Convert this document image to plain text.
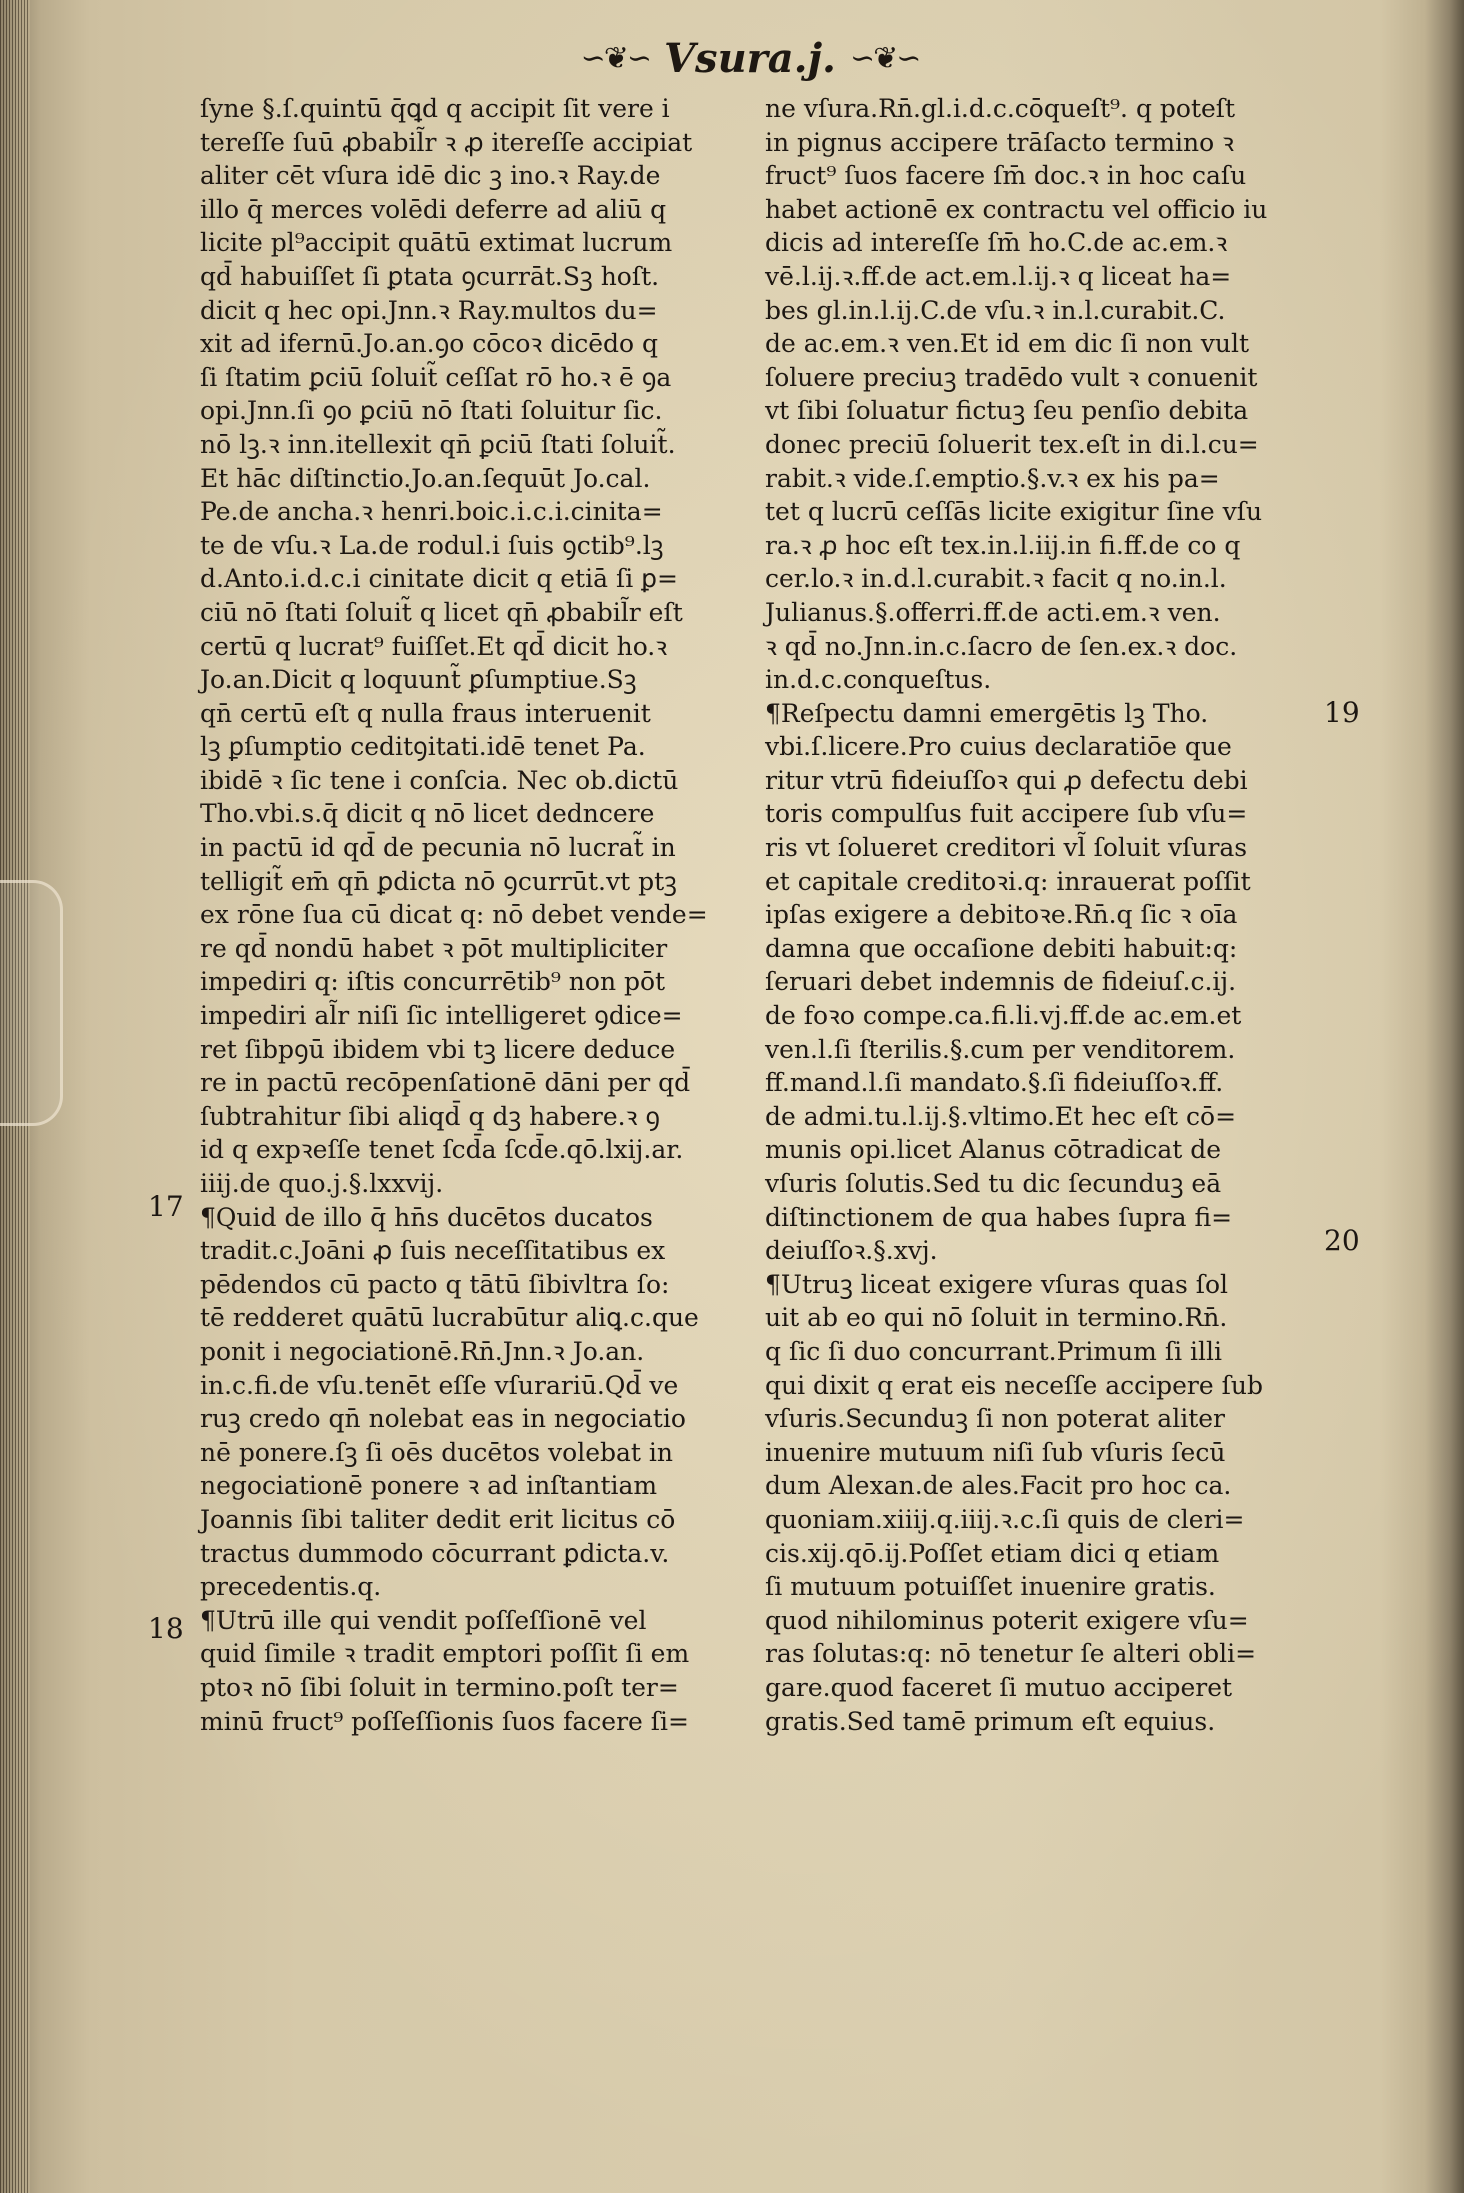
∽❦∽ Vsura.j. ∽❦∽
ſyne §.ſ.quintū q̄ꝗd q accipit ſit vere i
tereſſe ſuū ꝓbabil̃r ꝛ ꝓ itereſſe accipiat
aliter cēt vſura idē dic ꝫ ino.ꝛ Ray.de
illo q̄ merces volēdi deferre ad aliū q
licite pl⁹accipit quātū extimat lucrum
qd̄ habuiſſet ſi ꝑtata ꝯcurrāt.Sꝫ hoſt.
dicit q hec opi.Jnn.ꝛ Ray.multos du=
xit ad ifernū.Jo.an.ꝯo cōcoꝛ dicēdo q
ſi ſtatim ꝑciū ſoluit̃ ceſſat rō ho.ꝛ ē ꝯa
opi.Jnn.ſi ꝯo ꝑciū nō ſtati ſoluitur ſic.
nō lꝫ.ꝛ inn.itellexit qn̄ ꝑciū ſtati ſoluit̃.
Et hāc diſtinctio.Jo.an.ſequūt Jo.cal.
Pe.de ancha.ꝛ henri.boic.i.c.i.cinita=
te de vſu.ꝛ La.de rodul.i ſuis ꝯctib⁹.lꝫ
d.Anto.i.d.c.i cinitate dicit q etiā ſi ꝑ=
ciū nō ſtati ſoluit̃ q licet qn̄ ꝓbabil̃r eſt
certū q lucrat⁹ fuiſſet.Et qd̄ dicit ho.ꝛ
Jo.an.Dicit q loquunt̃ ꝑſumptiue.Sꝫ
qn̄ certū eſt q nulla fraus interuenit
lꝫ ꝑſumptio ceditꝯitati.idē tenet Pa.
ibidē ꝛ ſic tene i conſcia. Nec ob.dictū
Tho.vbi.s.q̄ dicit q nō licet dedncere
in pactū id qd̄ de pecunia nō lucrat̃ in
telligit̃ em̄ qn̄ ꝑdicta nō ꝯcurrūt.vt ptꝫ
ex rōne ſua cū dicat q: nō debet vende=
re qd̄ nondū habet ꝛ pōt multipliciter
impediri q: iſtis concurrētib⁹ non pōt
impediri al̃r niſi ſic intelligeret ꝯdice=
ret ſibpꝯū ibidem vbi tꝫ licere deduce
re in pactū recōpenſationē dāni per qd̄
ſubtrahitur ſibi aliqd̄ q dꝫ habere.ꝛ ꝯ
id q expꝛeſſe tenet ſcd̄a ſcd̄e.qō.lxij.ar.
iiij.de quo.j.§.lxxvij.
¶Quid de illo q̄ hn̄s ducētos ducatos
tradit.c.Joāni ꝓ ſuis neceſſitatibus ex
pēdendos cū pacto q tātū ſibivltra ſo:
tē redderet quātū lucrabūtur aliꝗ.c.que
ponit i negociationē.Rn̄.Jnn.ꝛ Jo.an.
in.c.fi.de vſu.tenēt eſſe vſurariū.Qd̄ ve
ruꝫ credo qn̄ nolebat eas in negociatio
nē ponere.ſꝫ ſi oēs ducētos volebat in
negociationē ponere ꝛ ad inſtantiam
Joannis ſibi taliter dedit erit licitus cō
tractus dummodo cōcurrant ꝑdicta.v.
precedentis.q.
¶Utrū ille qui vendit poſſeſſionē vel
quid ſimile ꝛ tradit emptori poſſit ſi em
ptoꝛ nō ſibi ſoluit in termino.poſt ter=
minū fruct⁹ poſſeſſionis ſuos facere ſi=
ne vſura.Rn̄.gl.i.d.c.cōqueſt⁹. q poteſt
in pignus accipere trāſacto termino ꝛ
fruct⁹ ſuos facere ſm̄ doc.ꝛ in hoc caſu
habet actionē ex contractu vel officio iu
dicis ad intereſſe ſm̄ ho.C.de ac.em.ꝛ
vē.l.ij.ꝛ.ff.de act.em.l.ij.ꝛ q liceat ha=
bes gl.in.l.ij.C.de vſu.ꝛ in.l.curabit.C.
de ac.em.ꝛ ven.Et id em dic ſi non vult
ſoluere preciuꝫ tradēdo vult ꝛ conuenit
vt ſibi ſoluatur fictuꝫ ſeu penſio debita
donec preciū ſoluerit tex.eſt in di.l.cu=
rabit.ꝛ vide.ſ.emptio.§.v.ꝛ ex his pa=
tet q lucrū ceſſās licite exigitur ſine vſu
ra.ꝛ ꝓ hoc eſt tex.in.l.iij.in fi.ff.de co q
cer.lo.ꝛ in.d.l.curabit.ꝛ facit q no.in.l.
Julianus.§.offerri.ff.de acti.em.ꝛ ven.
ꝛ qd̄ no.Jnn.in.c.ſacro de ſen.ex.ꝛ doc.
in.d.c.conqueſtus.
¶Reſpectu damni emergētis lꝫ Tho.
vbi.ſ.licere.Pro cuius declaratiōe que
ritur vtrū fideiuſſoꝛ qui ꝓ defectu debi
toris compulſus fuit accipere ſub vſu=
ris vt ſolueret creditori vl̃ ſoluit vſuras
et capitale creditoꝛi.q: inrauerat poſſit
ipſas exigere a debitoꝛe.Rn̄.q ſic ꝛ oīa
damna que occaſione debiti habuit:q:
ſeruari debet indemnis de fideiuſ.c.ij.
de foꝛo compe.ca.fi.li.vj.ff.de ac.em.et
ven.l.ſi ſterilis.§.cum per venditorem.
ff.mand.l.ſi mandato.§.ſi fideiuſſoꝛ.ff.
de admi.tu.l.ij.§.vltimo.Et hec eſt cō=
munis opi.licet Alanus cōtradicat de
vſuris ſolutis.Sed tu dic ſecunduꝫ eā
diſtinctionem de qua habes ſupra fi=
deiuſſoꝛ.§.xvj.
¶Utruꝫ liceat exigere vſuras quas ſol
uit ab eo qui nō ſoluit in termino.Rn̄.
q ſic ſi duo concurrant.Primum ſi illi
qui dixit q erat eis neceſſe accipere ſub
vſuris.Secunduꝫ ſi non poterat aliter
inuenire mutuum niſi ſub vſuris ſecū
dum Alexan.de ales.Facit pro hoc ca.
quoniam.xiiij.q.iiij.ꝛ.c.ſi quis de cleri=
cis.xij.qō.ij.Poſſet etiam dici q etiam
ſi mutuum potuiſſet inuenire gratis.
quod nihilominus poterit exigere vſu=
ras ſolutas:q: nō tenetur ſe alteri obli=
gare.quod faceret ſi mutuo acciperet
gratis.Sed tamē primum eſt equius.
17
18
19
20
